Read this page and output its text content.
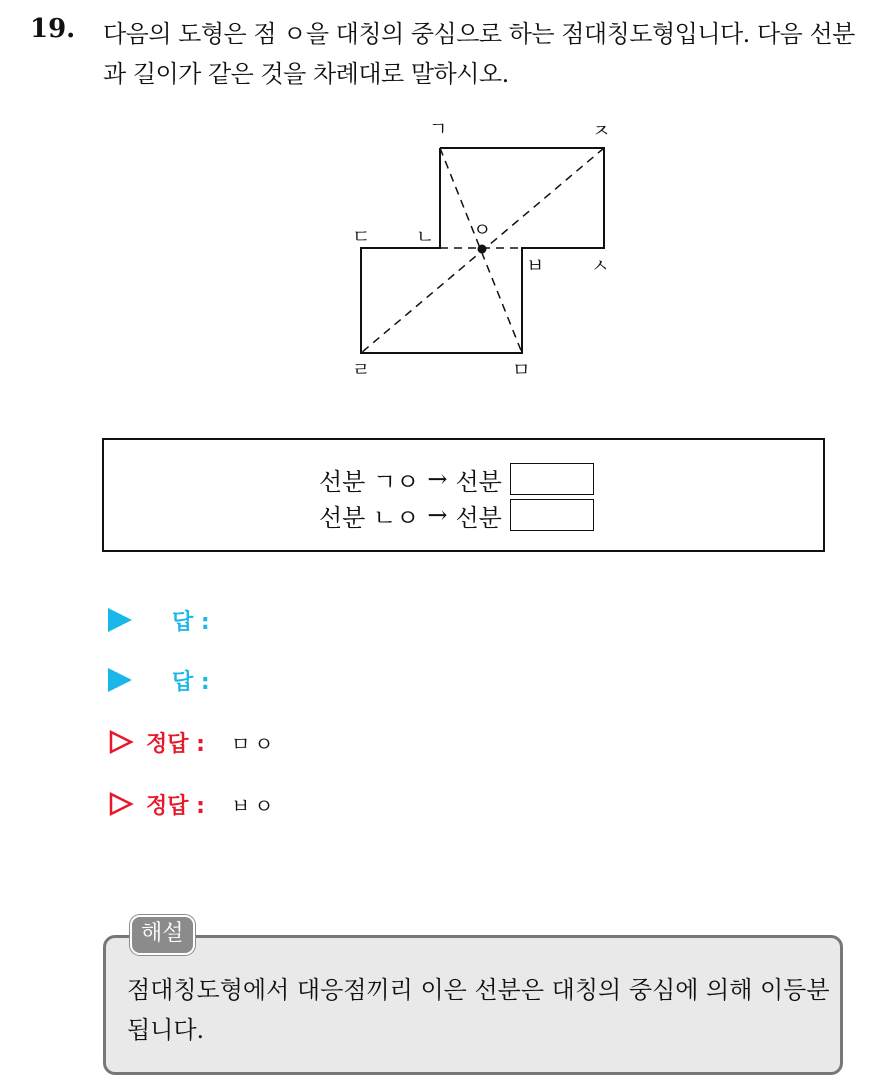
19. 다음의 도형은 점 ㅇ을 대칭의 중심으로 하는 점대칭도형입니다. 다음 선분과 길이가 같은 것을 차례대로 말하시오.
ㄱ	ㅈ
ㅇ
ㄷ ㄴ
ㅂ ㅅ
ㄹ	ㅁ
선분 ㄱㅇ → 선분
선분 ㄴㅇ → 선분
답 :
답 :
정답 : ㅁㅇ
정답 : ㅂㅇ
해설
점대칭도형에서 대응점끼리 이은 선분은 대칭의 중심에 의해 이등분됩니다.
